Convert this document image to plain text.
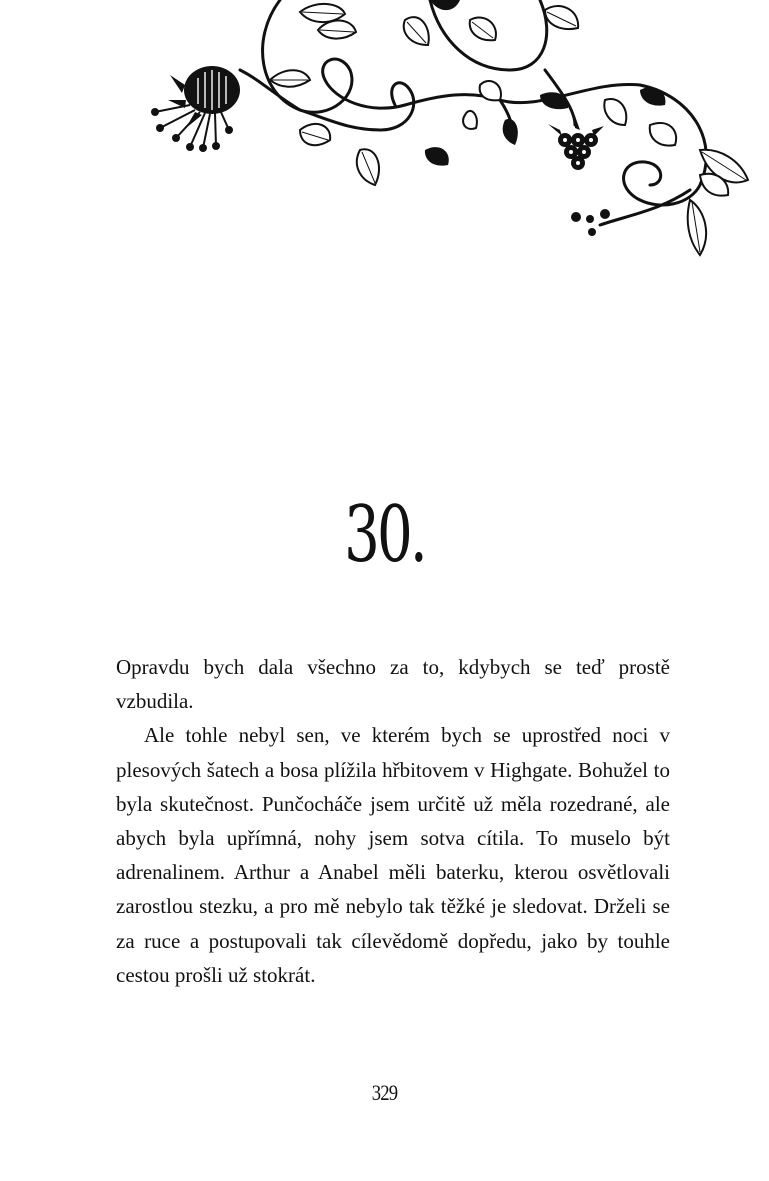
30.

Opravdu bych dala všechno za to, kdybych se teď prostě vzbudila.

Ale tohle nebyl sen, ve kterém bych se uprostřed noci v plesových šatech a bosa plížila hřbitovem v Highgate. Bohužel to byla skutečnost. Punčocháče jsem určitě už měla rozedrané, ale abych byla upřímná, nohy jsem sotva cítila. To muselo být adrenalinem. Arthur a Anabel měli baterku, kterou osvětlovali zarostlou stezku, a pro mě nebylo tak těžké je sledovat. Drželi se za ruce a postupovali tak cílevědomě dopředu, jako by touhle cestou prošli už stokrát.

329
